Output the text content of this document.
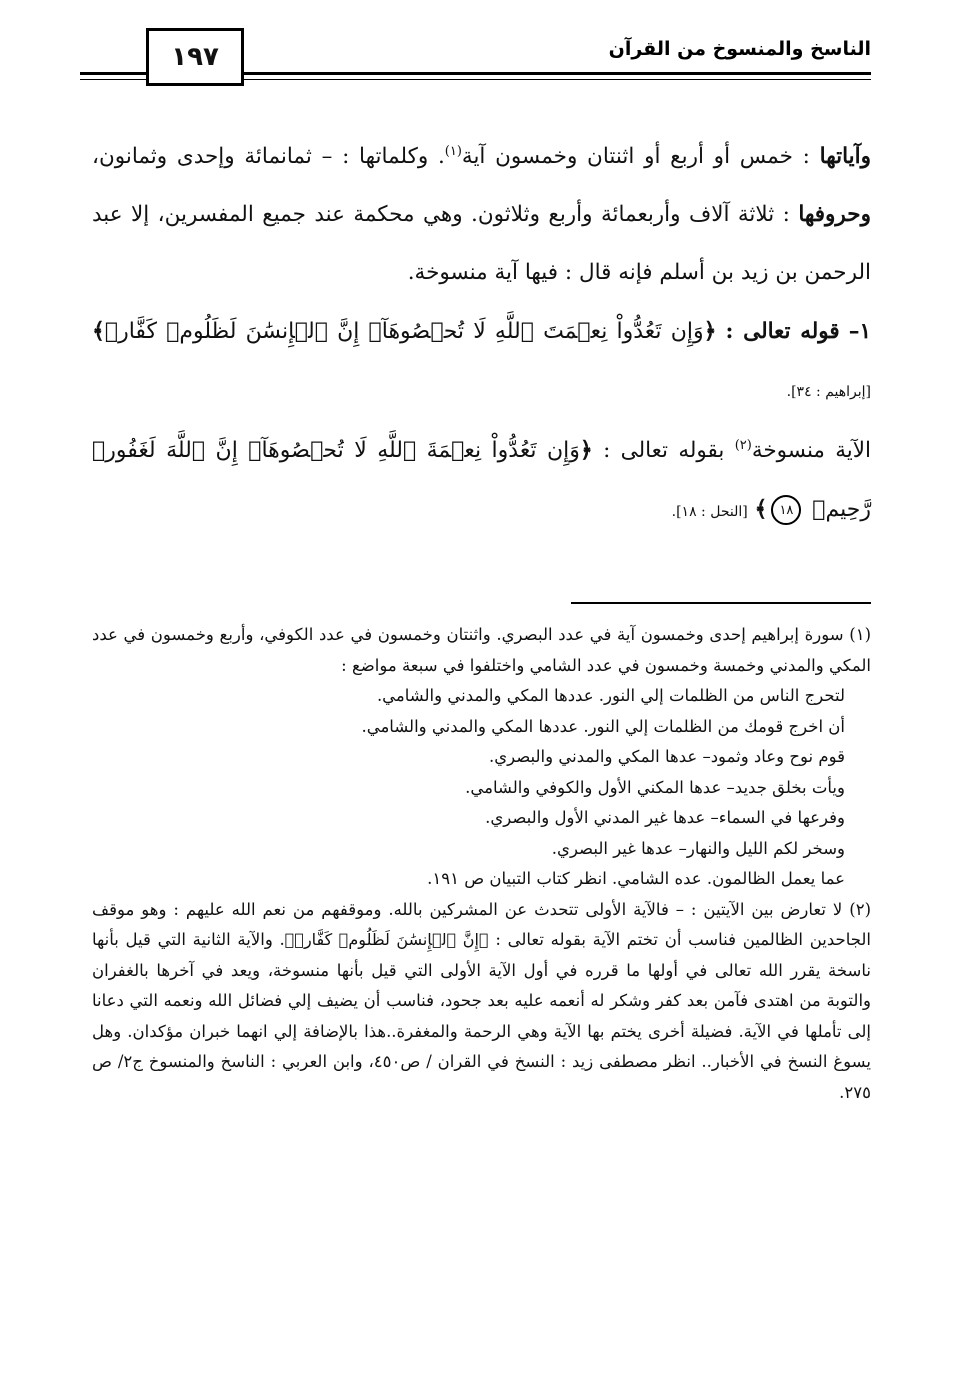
الناسخ والمنسوخ من القرآن
١٩٧

وآياتها : خمس أو أربع أو اثنتان وخمسون آية$^{(١)}$. وكلماتها : – ثمانمائة وإحدى وثمانون، وحروفها : ثلاثة آلاف وأربعمائة وأربع وثلاثون. وهي محكمة عند جميع المفسرين، إلا عبد الرحمن بن زيد بن أسلم فإنه قال : فيها آية منسوخة.

١– قوله تعالى : ﴿وَإِن تَعُدُّواْ نِعۡمَتَ ٱللَّهِ لَا تُحۡصُوهَآۗ إِنَّ ٱلۡإِنسَٰنَ لَظَلُومٞ كَفَّارٞ﴾ [إبراهيم : ٣٤].

الآية منسوخة$^{(٢)}$ بقوله تعالى : ﴿وَإِن تَعُدُّواْ نِعۡمَةَ ٱللَّهِ لَا تُحۡصُوهَآۗ إِنَّ ٱللَّهَ لَغَفُورٞ رَّحِيمٞ ١٨﴾ [النحل : ١٨].

(١) سورة إبراهيم إحدى وخمسون آية في عدد البصري. واثنتان وخمسون في عدد الكوفي، وأربع وخمسون في عدد المكي والمدني وخمسة وخمسون في عدد الشامي واختلفوا في سبعة مواضع :
لتحرج الناس من الظلمات إلي النور. عددها المكي والمدني والشامي.
أن اخرج قومك من الظلمات إلي النور. عددها المكي والمدني والشامي.
قوم نوح وعاد وثمود– عدها المكي والمدني والبصري.
ويأت بخلق جديد– عدها المكني الأول والكوفي والشامي.
وفرعها في السماء– عدها غير المدني الأول والبصري.
وسخر لكم الليل والنهار– عدها غير البصري.
عما يعمل الظالمون. عده الشامي. انظر كتاب التبيان ص ١٩١.
(٢) لا تعارض بين الآيتين : – فالآية الأولى تتحدث عن المشركين بالله. وموقفهم من نعم الله عليهم : وهو موقف الجاحدين الظالمين فناسب أن تختم الآية بقوله تعالى : ﴿إِنَّ ٱلۡإِنسَٰنَ لَظَلُومٞ كَفَّارٞ﴾. والآية الثانية التي قيل بأنها ناسخة يقرر الله تعالى في أولها ما قرره في أول الآية الأولى التي قيل بأنها منسوخة، ويعد في آخرها بالغفران والتوبة من اهتدى فآمن بعد كفر وشكر له أنعمه عليه بعد جحود، فناسب أن يضيف إلي فضائل الله ونعمه التي دعانا إلى تأملها في الآية. فضيلة أخرى يختم بها الآية وهي الرحمة والمغفرة..هذا بالإضافة إلي انهما خبران مؤكدان. وهل يسوغ النسخ في الأخبار.. انظر مصطفى زيد : النسخ في القران / ص٤٥٠، وابن العربي : الناسخ والمنسوخ ج٢/ ص ٢٧٥.
